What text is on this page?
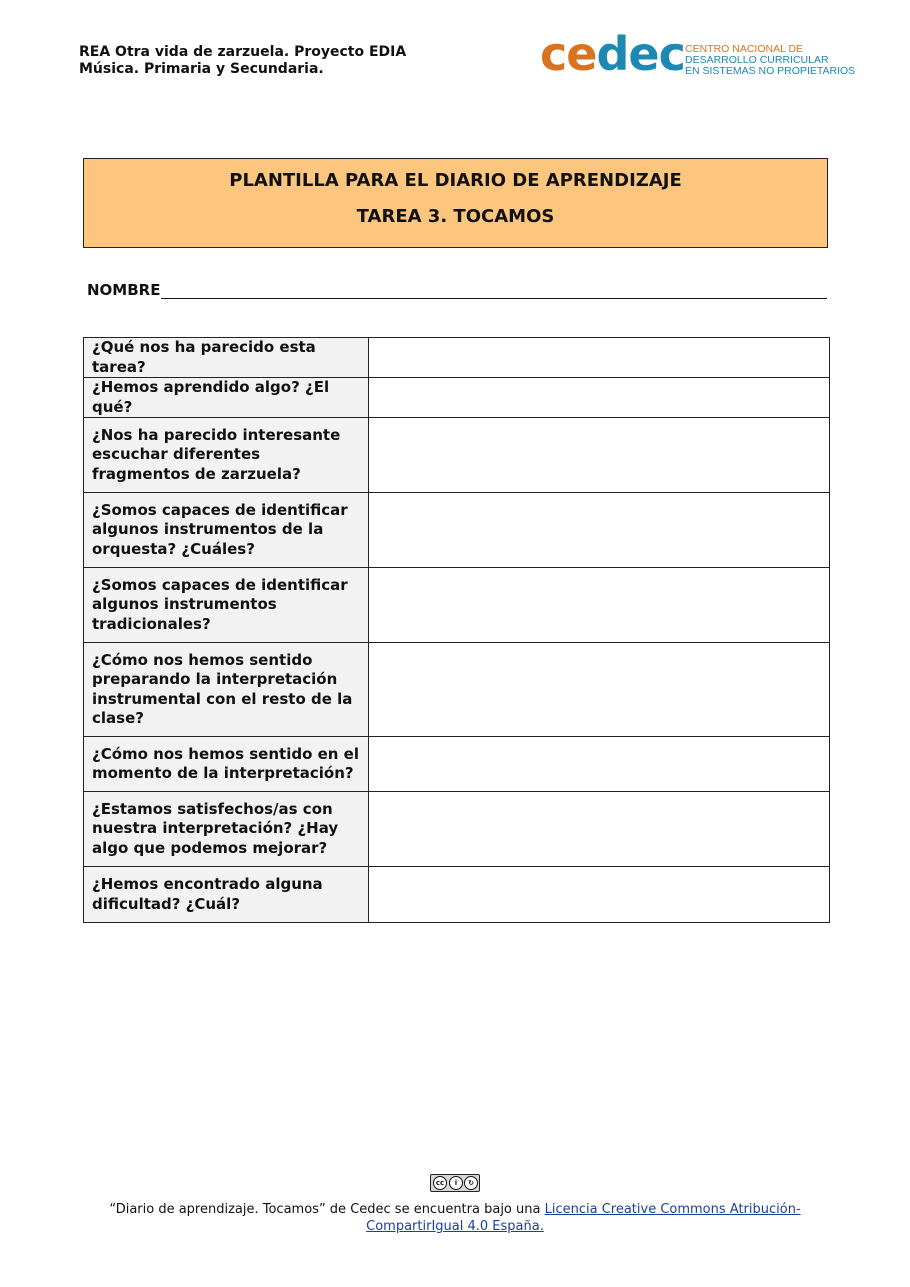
REA Otra vida de zarzuela. Proyecto EDIA
Música. Primaria y Secundaria.	cedec CENTRO NACIONAL DE
DESARROLLO CURRICULAR
EN SISTEMAS NO PROPIETARIOS
PLANTILLA PARA EL DIARIO DE APRENDIZAJE
TAREA 3. TOCAMOS
NOMBRE
¿Qué nos ha parecido esta tarea?	
¿Hemos aprendido algo? ¿El qué?	
¿Nos ha parecido interesante escuchar diferentes fragmentos de zarzuela?	
¿Somos capaces de identificar algunos instrumentos de la orquesta? ¿Cuáles?	
¿Somos capaces de identificar algunos instrumentos tradicionales?	
¿Cómo nos hemos sentido preparando la interpretación instrumental con el resto de la clase?	
¿Cómo nos hemos sentido en el momento de la interpretación?	
¿Estamos satisfechos/as con nuestra interpretación? ¿Hay algo que podemos mejorar?	
¿Hemos encontrado alguna dificultad? ¿Cuál?	
cc	i	↻
“Diario de aprendizaje. Tocamos” de Cedec se encuentra bajo una Licencia Creative Commons Atribución-
CompartirIgual 4.0 España.
